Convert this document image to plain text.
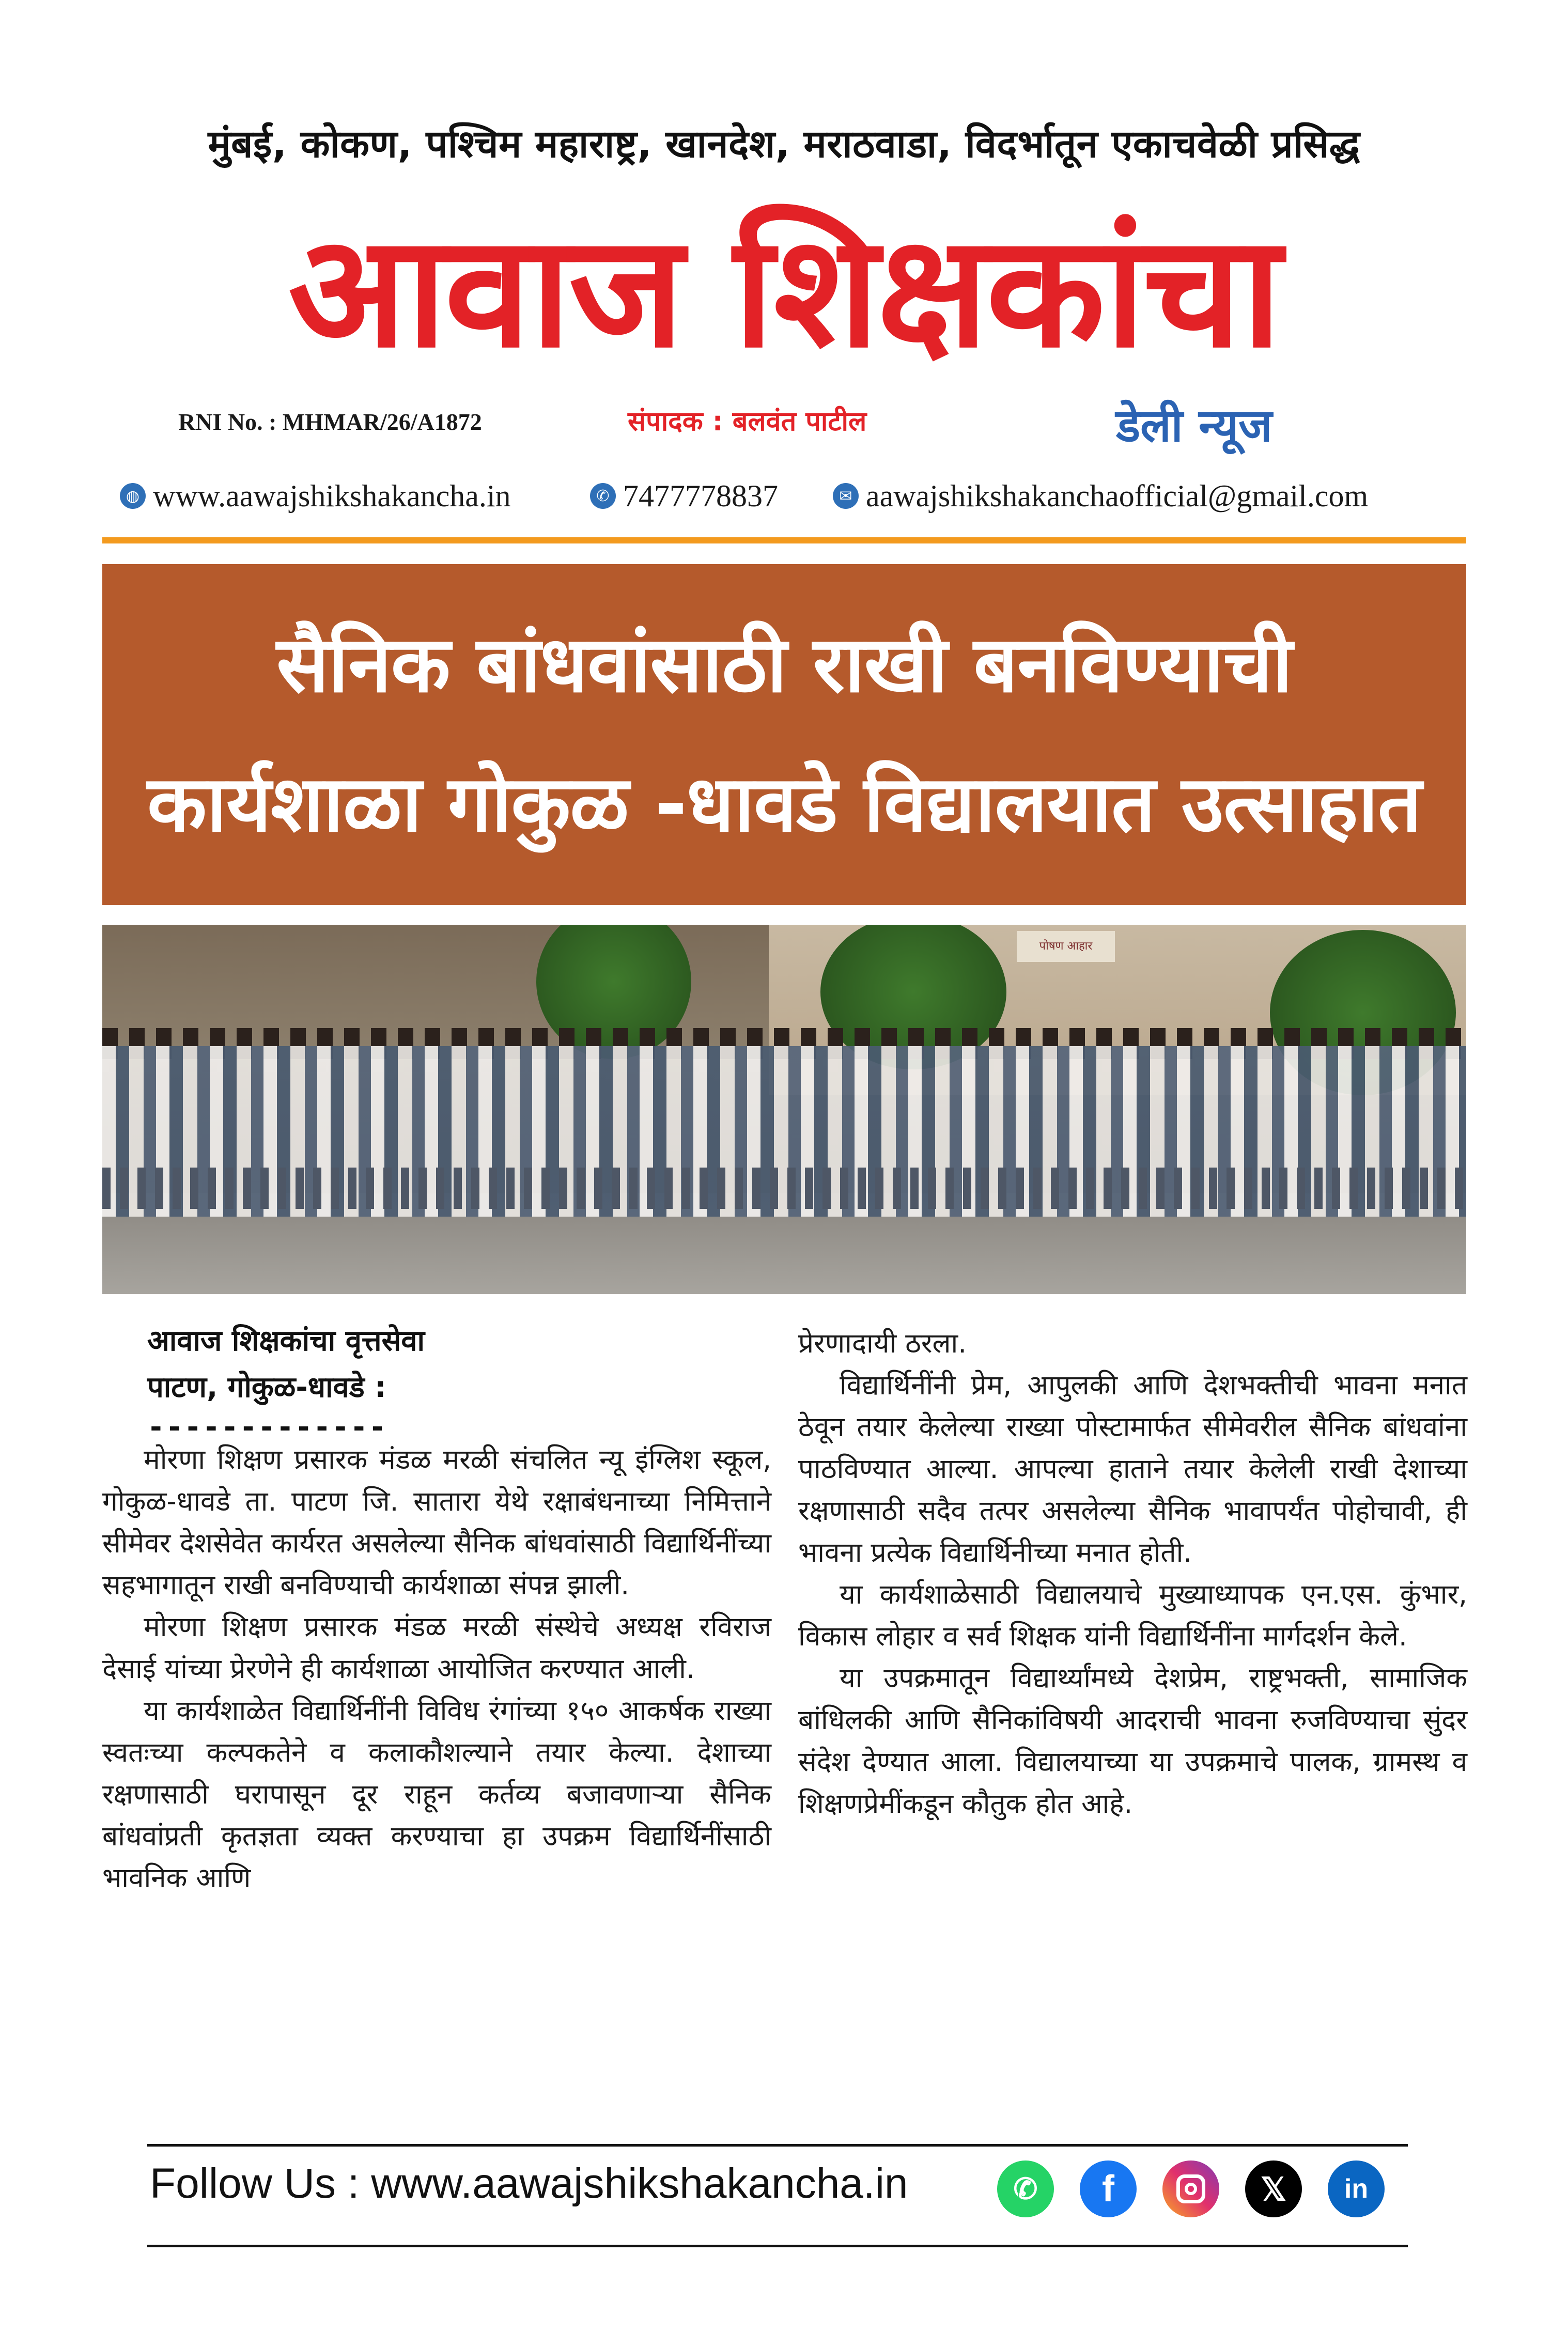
मुंबई, कोकण, पश्चिम महाराष्ट्र, खानदेश, मराठवाडा, विदर्भातून एकाचवेळी प्रसिद्ध
आवाज शिक्षकांचा
RNI No. : MHMAR/26/A1872	संपादक : बलवंत पाटील	डेली न्यूज
◍ www.aawajshikshakancha.in	✆ 7477778837	✉ aawajshikshakanchaofficial@gmail.com
सैनिक बांधवांसाठी राखी बनविण्याची
कार्यशाळा गोकुळ -धावडे विद्यालयात उत्साहात
पोषण आहार
आवाज शिक्षकांचा वृत्तसेवा
पाटण, गोकुळ-धावडे :
-------------

मोरणा शिक्षण प्रसारक मंडळ मरळी संचलित न्यू इंग्लिश स्कूल, गोकुळ-धावडे ता. पाटण जि. सातारा येथे रक्षाबंधनाच्या निमित्ताने सीमेवर देशसेवेत कार्यरत असलेल्या सैनिक बांधवांसाठी विद्यार्थिनींच्या सहभागातून राखी बनविण्याची कार्यशाळा संपन्न झाली.

मोरणा शिक्षण प्रसारक मंडळ मरळी संस्थेचे अध्यक्ष रविराज देसाई यांच्या प्रेरणेने ही कार्यशाळा आयोजित करण्यात आली.

या कार्यशाळेत विद्यार्थिनींनी विविध रंगांच्या १५० आकर्षक राख्या स्वतःच्या कल्पकतेने व कलाकौशल्याने तयार केल्या. देशाच्या रक्षणासाठी घरापासून दूर राहून कर्तव्य बजावणाऱ्या सैनिक बांधवांप्रती कृतज्ञता व्यक्त करण्याचा हा उपक्रम विद्यार्थिनींसाठी भावनिक आणि

प्रेरणादायी ठरला.

विद्यार्थिनींनी प्रेम, आपुलकी आणि देशभक्तीची भावना मनात ठेवून तयार केलेल्या राख्या पोस्टामार्फत सीमेवरील सैनिक बांधवांना पाठविण्यात आल्या. आपल्या हाताने तयार केलेली राखी देशाच्या रक्षणासाठी सदैव तत्पर असलेल्या सैनिक भावापर्यंत पोहोचावी, ही भावना प्रत्येक विद्यार्थिनीच्या मनात होती.

या कार्यशाळेसाठी विद्यालयाचे मुख्याध्यापक एन.एस. कुंभार, विकास लोहार व सर्व शिक्षक यांनी विद्यार्थिनींना मार्गदर्शन केले.

या उपक्रमातून विद्यार्थ्यांमध्ये देशप्रेम, राष्ट्रभक्ती, सामाजिक बांधिलकी आणि सैनिकांविषयी आदराची भावना रुजविण्याचा सुंदर संदेश देण्यात आला. विद्यालयाच्या या उपक्रमाचे पालक, ग्रामस्थ व शिक्षणप्रेमींकडून कौतुक होत आहे.

Follow Us : www.aawajshikshakancha.in	✆	f	𝕏	in
